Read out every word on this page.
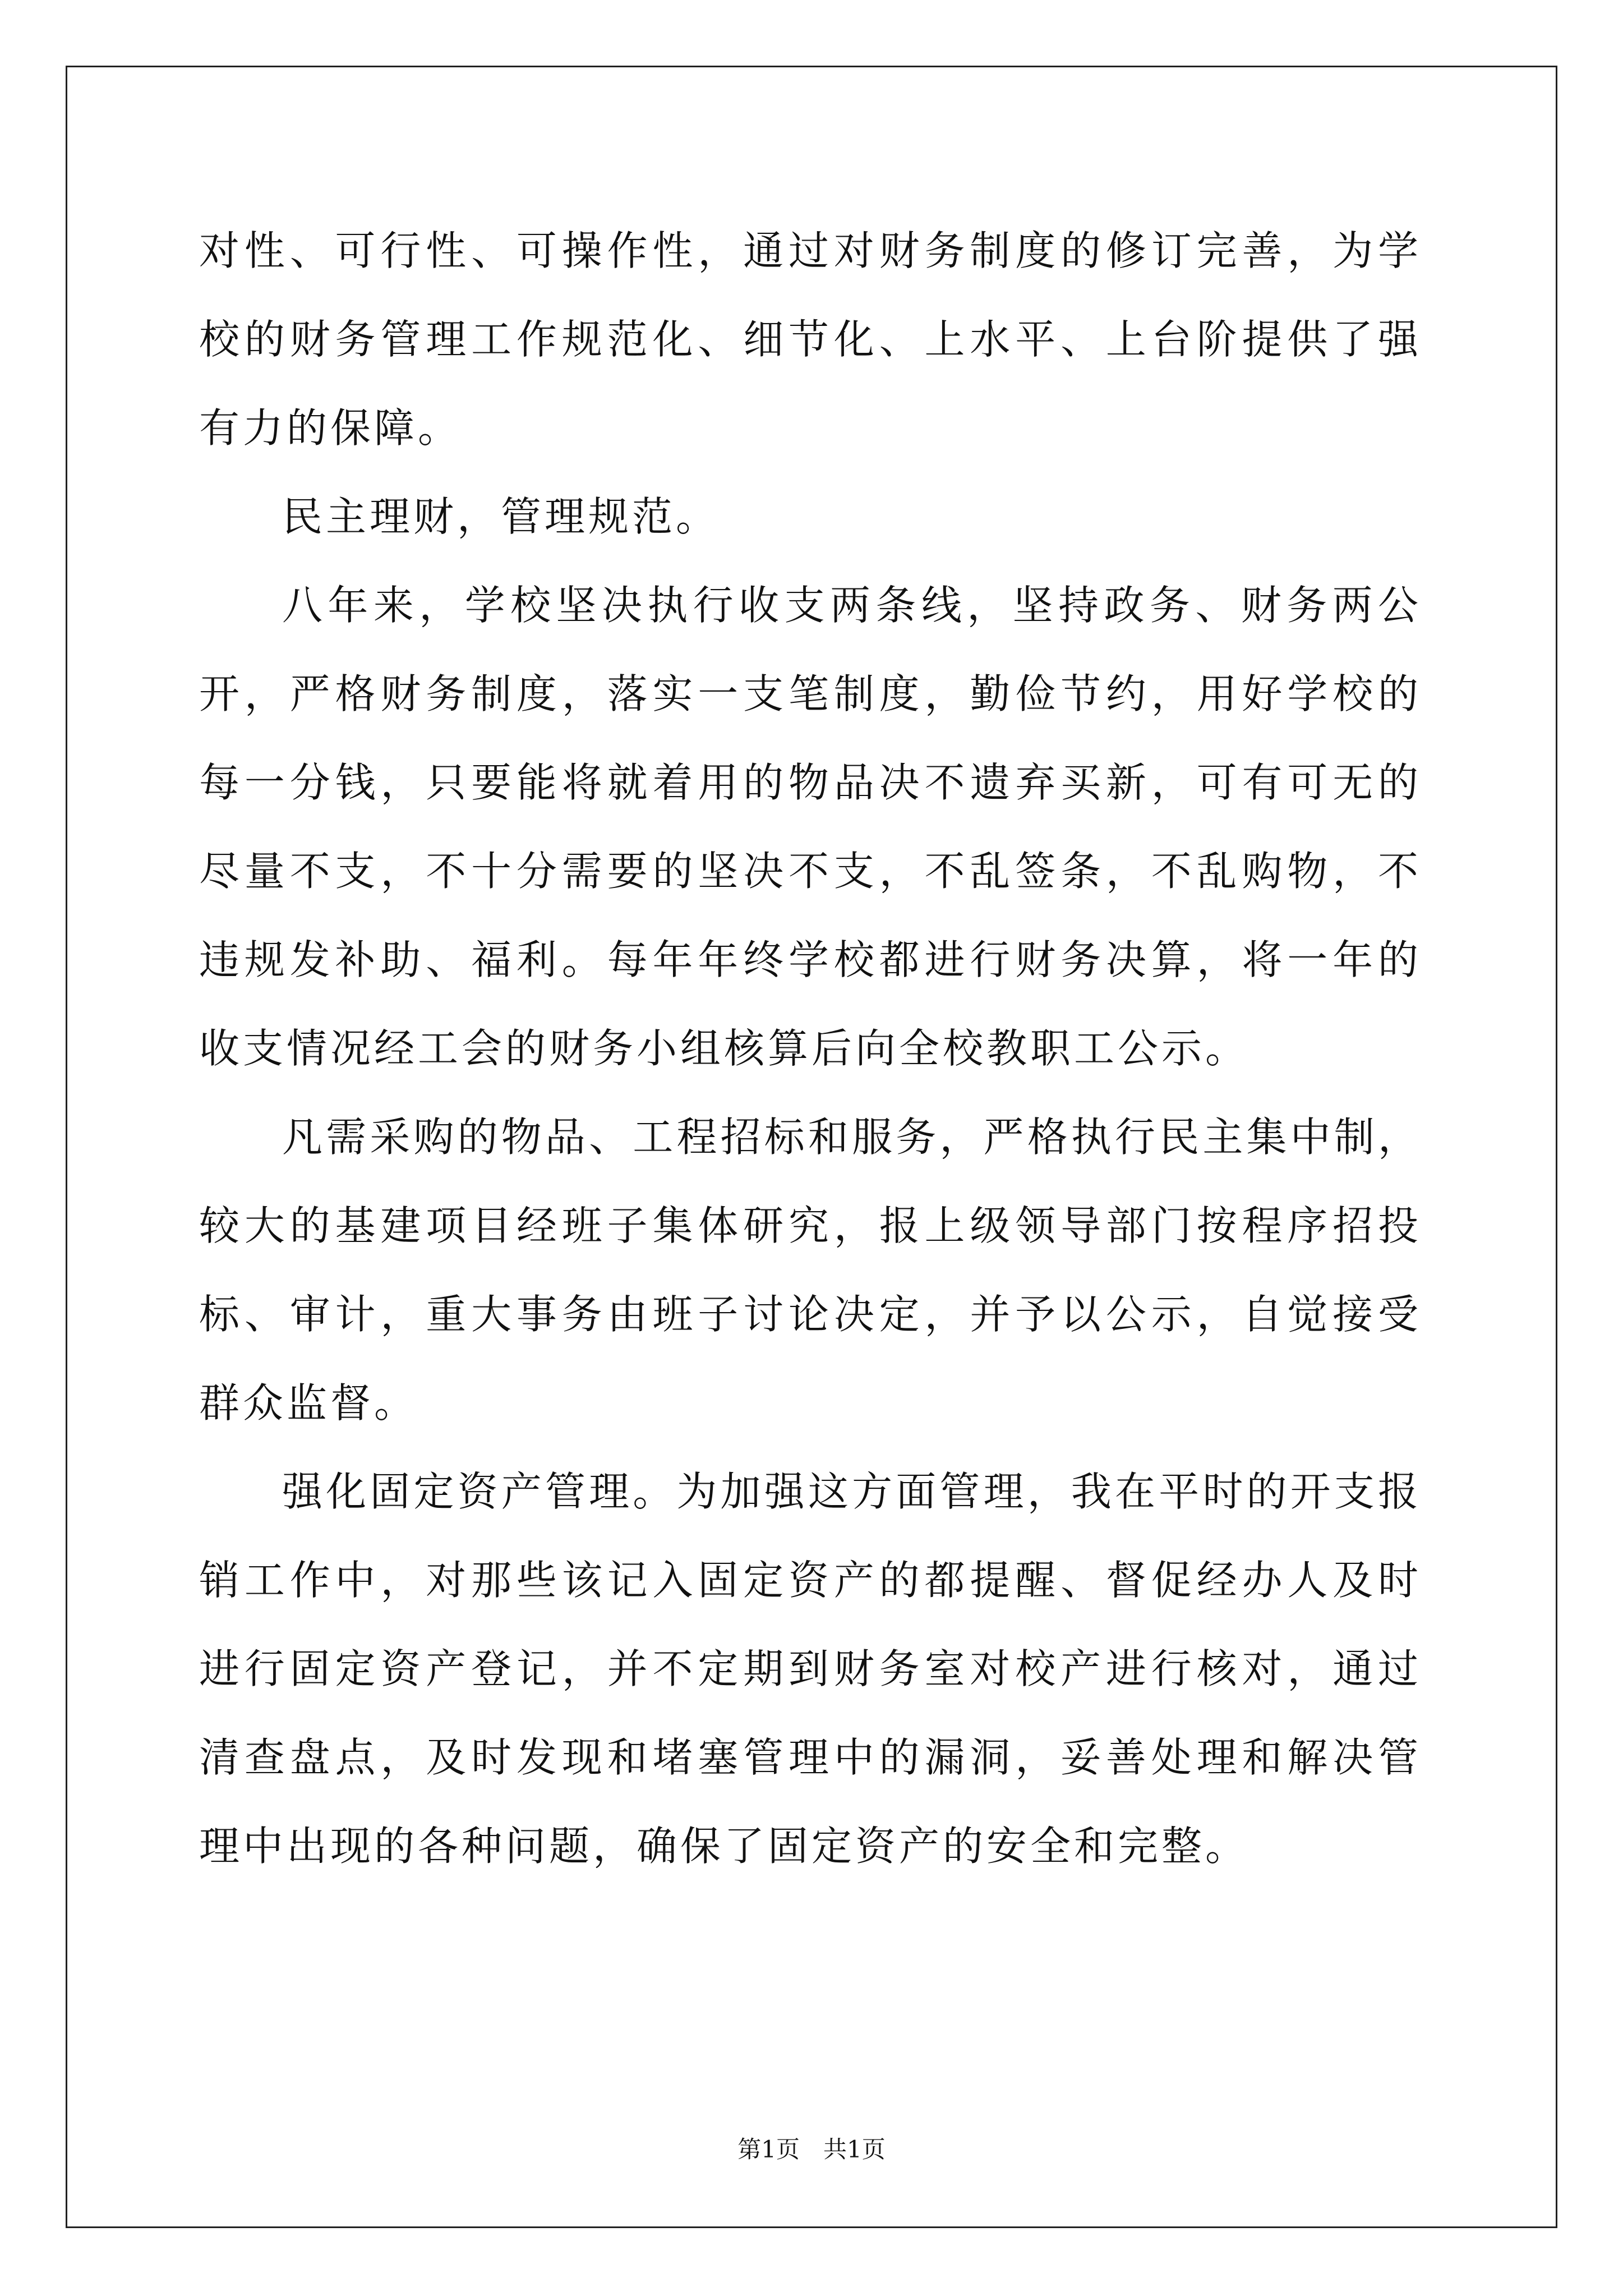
对性、可行性、可操作性，通过对财务制度的修订完善，为学校的财务管理工作规范化、细节化、上水平、上台阶提供了强有力的保障。

民主理财，管理规范。

八年来，学校坚决执行收支两条线，坚持政务、财务两公开，严格财务制度，落实一支笔制度，勤俭节约，用好学校的每一分钱，只要能将就着用的物品决不遗弃买新，可有可无的尽量不支，不十分需要的坚决不支，不乱签条，不乱购物，不违规发补助、福利。每年年终学校都进行财务决算，将一年的收支情况经工会的财务小组核算后向全校教职工公示。

凡需采购的物品、工程招标和服务，严格执行民主集中制，较大的基建项目经班子集体研究，报上级领导部门按程序招投标、审计，重大事务由班子讨论决定，并予以公示，自觉接受群众监督。

强化固定资产管理。为加强这方面管理，我在平时的开支报销工作中，对那些该记入固定资产的都提醒、督促经办人及时进行固定资产登记，并不定期到财务室对校产进行核对，通过清查盘点，及时发现和堵塞管理中的漏洞，妥善处理和解决管理中出现的各种问题，确保了固定资产的安全和完整。

第1页　共1页
